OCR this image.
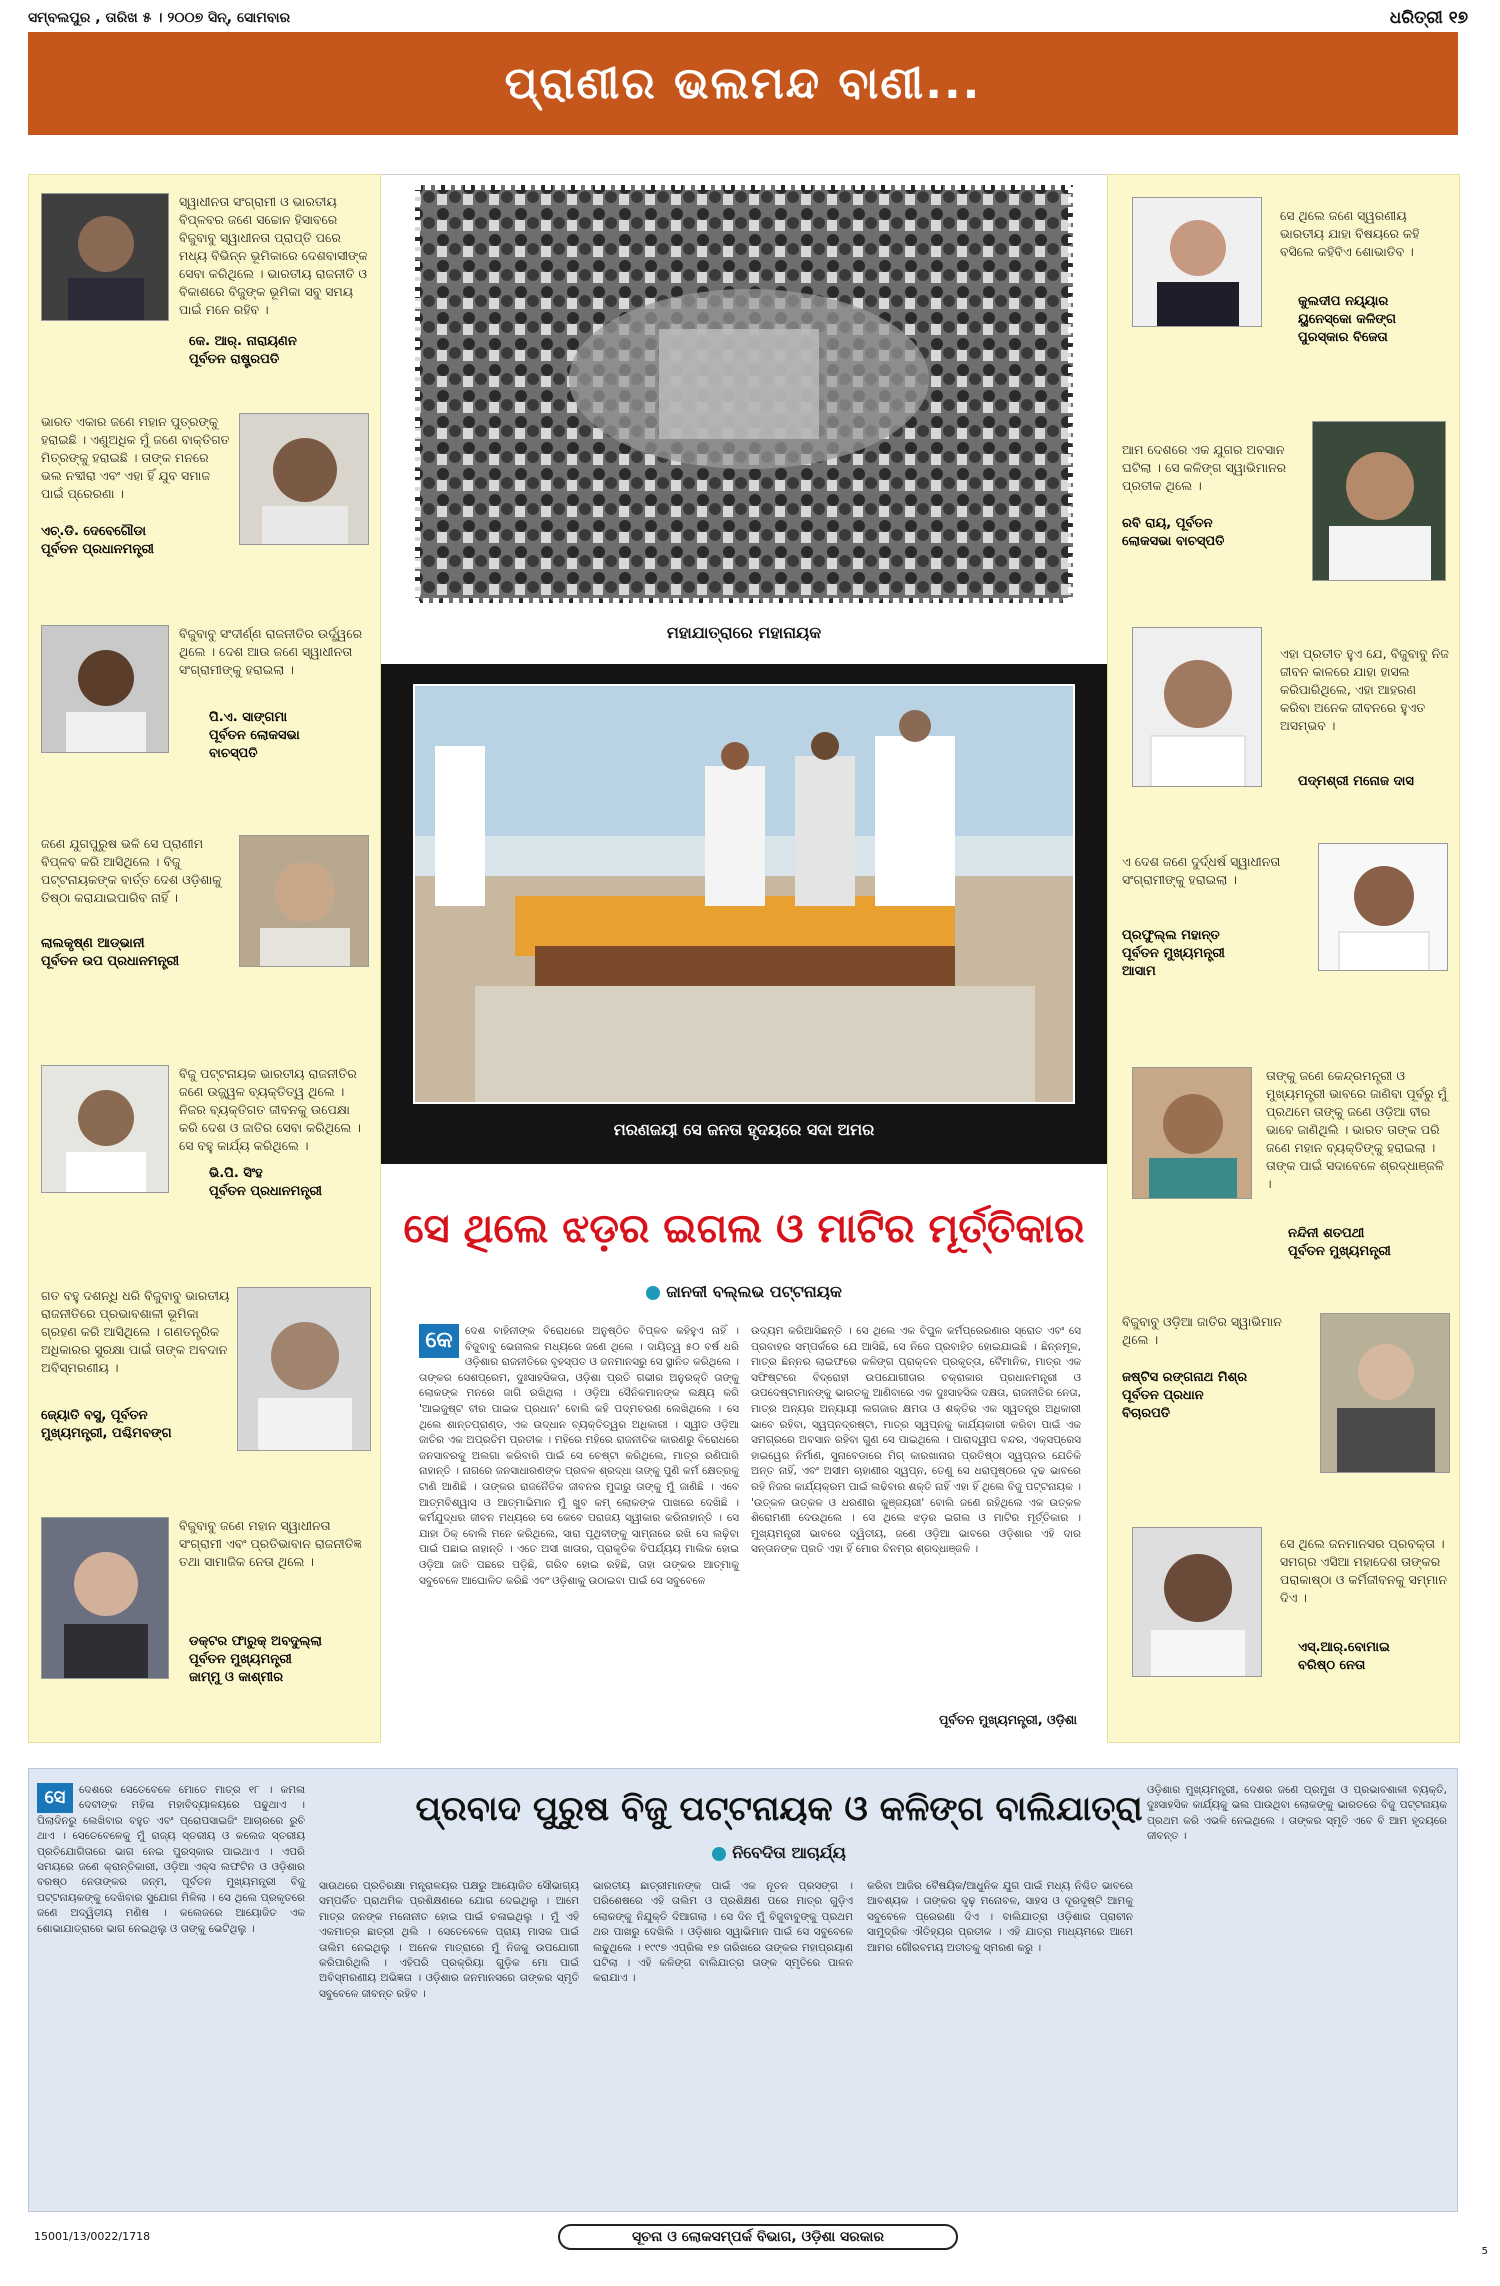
ସମ୍ବଲପୁର , ତାରିଖ ୫ । ୨୦୦୭ ସିନ୍‌, ସୋମବାର	ଧରିତ୍ରୀ ୧୭
ପ୍ରାଣୀର ଭଲମନ୍ଦ ବାଣୀ...
ସ୍ୱାଧୀନତା ସଂଗ୍ରାମୀ ଓ ଭାରତୀୟ ବିପ୍ଳବର ଜଣେ ସଚ୍ଚୋନ ହିସାବରେ ବିଜୁବାବୁ ସ୍ୱାଧୀନତା ପ୍ରାପ୍ତି ପରେ ମଧ୍ୟ ବିଭିନ୍ନ ଭୂମିକାରେ ଦେଶବାସୀଙ୍କ ସେବା କରିଥିଲେ । ଭାରତୀୟ ରାଜନୀତି ଓ ବିକାଶରେ ବିଜୁଙ୍କ ଭୂମିକା ସବୁ ସମୟ ପାଇଁ ମନେ ରହିବ ।
କେ. ଆର୍‌. ନାରାୟଣନ
ପୂର୍ବତନ ରାଷ୍ଟ୍ରପତି
ଭାରତ ଏକାର ଜଣେ ମହାନ ପୁତ୍ରଙ୍କୁ ହରାଇଛି । ଏଣୁଅଧିକ ମୁଁ ଜଣେ ବାକ୍ତିଗତ ମିତ୍ରଙ୍କୁ ହରାଇଛି । ତାଙ୍କ ମନରେ ଭଲ ନବ୍ଦୀରା ଏବଂ ଏହା ହିଁ ଯୁବ ସମାଜ ପାଇଁ ପ୍ରେରଣା ।
ଏଚ୍‌.ଡି. ଦେବେଗୌଡା
ପୂର୍ବତନ ପ୍ରଧାନମନ୍ତ୍ରୀ
ବିଜୁବାବୁ ସଂଦୀର୍ଣ୍ଣ ରାଜନୀତିର ଉର୍ଦ୍ଧ୍ୱରେ ଥିଲେ । ଦେଶ ଆଉ ଜଣେ ସ୍ୱାଧୀନତା ସଂଗ୍ରାମୀଙ୍କୁ ହରାଇଲା ।
ପି.ଏ. ସାଙ୍ଗମା
ପୂର୍ବତନ ଲୋକସଭା
ବାଚସ୍ପତି
ଜଣେ ଯୁଗପୁରୁଷ ଭଳି ସେ ପ୍ରାଣୀମ ବିପ୍ଳବ କରି ଆସିଥିଲେ । ବିଜୁ ପଟ୍ଟନାୟକଙ୍କ ବାର୍ତ୍ତ ଦେଶ ଓଡ଼ିଶାକୁ ତିଷ୍ଠା କରାଯାଇପାରିବ ନାହିଁ ।
ଲାଲକୃଷ୍ଣ ଆଡ୍‌ଭାନୀ
ପୂର୍ବତନ ଉପ ପ୍ରଧାନମନ୍ତ୍ରୀ
ବିଜୁ ପଟ୍ଟନାୟକ ଭାରତୀୟ ରାଜନୀତିର ଜଣେ ଉଜ୍ଜ୍ୱଳ ବ୍ୟକ୍ତିତ୍ୱ ଥିଲେ । ନିଜର ବ୍ୟକ୍ତିଗତ ଜୀବନକୁ ଉପେକ୍ଷା କରି ଦେଶ ଓ ଜାତିର ସେବା କରିଥିଲେ । ସେ ବହୁ କାର୍ଯ୍ୟ କରିଥିଲେ ।
ଭି.ପି. ସିଂହ
ପୂର୍ବତନ ପ୍ରଧାନମନ୍ତ୍ରୀ
ଗତ ବହୁ ଦଶନ୍ଧି ଧରି ବିଜୁବାବୁ ଭାରତୀୟ ରାଜନୀତିରେ ପ୍ରଭାବଶାଳୀ ଭୂମିକା ଗ୍ରହଣ କରି ଆସିଥିଲେ । ଗଣତନ୍ତ୍ରିକ ଅଧିକାରର ସୁରକ୍ଷା ପାଇଁ ତାଙ୍କ ଅବଦାନ ଅବିସ୍ମରଣୀୟ ।
ଜ୍ୟୋତି ବସୁ, ପୂର୍ବତନ
ମୁଖ୍ୟମନ୍ତ୍ରୀ, ପଶ୍ଚିମବଙ୍ଗ
ବିଜୁବାବୁ ଜଣେ ମହାନ ସ୍ୱାଧୀନତା ସଂଗ୍ରାମୀ ଏବଂ ପ୍ରତିଭାବାନ ରାଜନୀତିଜ୍ଞ ତଥା ସାମାଜିକ ନେତା ଥିଲେ ।
ଡକ୍ଟର ଫାରୁକ୍‌ ଅବଦୁଲ୍ଲା
ପୂର୍ବତନ ମୁଖ୍ୟମନ୍ତ୍ରୀ
ଜାମ୍ମୁ ଓ କାଶ୍ମୀର
ମହାଯାତ୍ରାରେ ମହାନାୟକ
ମରଣଜୟୀ ସେ ଜନତା ହୃଦୟରେ ସଦା ଅମର
ସେ ଥିଲେ ଝଡ଼ର ଇଗଲ ଓ ମାଟିର ମୂର୍ତ୍ତିକାର
ଜାନକୀ ବଲ୍ଲଭ ପଟ୍ଟନାୟକ
କେ	ଦେଶ ବାହିନୀଙ୍କ ବିରୋଧରେ ଅନୁଷ୍ଠିତ ବିପ୍ଳବ କହିହୁଏ ନାହିଁ । ବିଜୁବାବୁ ଭେନାଲକ ମଧ୍ୟରେ ଜଣେ ଥିଲେ । ଦାୟିତ୍ୱ ୫୦ ବର୍ଷ ଧରି ଓଡ଼ିଶାର ରାଜନୀତିରେ ବୃହସ୍ପତ ଓ ଜନମାନସରୁ ସେ ସ୍ଥାନିତ କରିଥିଲେ । ତାଙ୍କର ସେଶପ୍ରେମ, ଦୁଃସାହସିକତା, ଓଡ଼ିଶା ପ୍ରତି ଗଭୀର ଅନୁରକ୍ତି ତାଙ୍କୁ ଲୋକଙ୍କ ମନରେ ଜାଗି ରଖିଥିଲା । ଓଡ଼ିଆ ସୈନିକମାନଙ୍କ ଲକ୍ଷ୍ୟ କରି 'ଆଇଜୁଷ୍ଟ ବୀର ପାଇକ ପ୍ରଧାନ' ବୋଲି କହି ପଦ୍ମଚରଣ ଲେଖିଥିଲେ । ସେ ଥିଲେ ଶାନ୍ତପ୍ରାଣ୍ଡ, ଏକ ଉଦ୍ଧାନ ବ୍ୟକ୍ତିତ୍ୱର ଅଧିକାରୀ । ସ୍ୱୀତ ଓଡ଼ିଆ ଜାତିର ଏକ ଅପ୍ରତିମ ପ୍ରତୀକ । ମହିରେ ମହିରେ ରାଜନୀତିକ କାରଣରୁ ବିରୋଧରେ ଜନସାବରକୁ ଅଲଗା କରିବାରି ପାଇଁ ସେ ଚେଷ୍ଟା କରିଥିଲେ, ମାତ୍ର ରଣିପାରି ନାହାନ୍ତି । ନାଗରେ ଜନସାଧାରଣଙ୍କ ପ୍ରବଳ ଶ୍ରଦ୍ଧା ତାଙ୍କୁ ପୁଣି କର୍ମ କ୍ଷେତ୍ରକୁ ଟାଣି ଆଣିଛି । ତାଙ୍କର ରାଜନୈତିକ ଜୀବନର ମୁଦ୍ଦାରୁ ତାଙ୍କୁ ମୁଁ ଜାଣିଛି । ଏବେ ଆତ୍ମବିଶ୍ୱାସ ଓ ଆତ୍ମାଭିମାନ ମୁଁ ଖୁବ କମ୍ ଲୋକଙ୍କ ପାଖରେ ଦେଖିଛି । କର୍ମଯୁଦ୍ଧର ଜୀବନ ମଧ୍ୟରେ ସେ କେବେ ପରାଜୟ ସ୍ୱୀକାର କରିନାହାନ୍ତି । ସେ ଯାହା ଠିକ୍ ବୋଲି ମନେ କରିଥିଲେ, ସାରା ପୃଥିବୀଙ୍କୁ ସାମ୍ନାରେ ରଖି ସେ ଲଢ଼ିବା ପାଇଁ ପଛାଇ ନାହାନ୍ତି । ଏତେ ଅସୀ ଖାତାର, ପ୍ରାକୃତିକ ବିପର୍ଯ୍ୟୟ ମାଲିକ ହୋଇ ଓଡ଼ିଆ ଜାତି ପଛରେ ପଡ଼ିଛି, ଗରିବ ହୋଇ ରହିଛି, ତାହା ତାଙ୍କର ଆତ୍ମାକୁ ସବୁବେଳେ ଆଘୋଳିତ କରିଛି ଏବଂ ଓଡ଼ିଶାକୁ ଉଠାଇବା ପାଇଁ ସେ ସବୁବେଳେ
ଉଦ୍ୟମ କରିଆସିଛନ୍ତି । ସେ ଥିଲେ ଏକ ବିପୁଳ କର୍ମପ୍ରେରଣାର ସ୍ରୋତ ଏବଂ ସେ ପ୍ରବାହର ସମ୍ପର୍କରେ ଯେ ଆସିଛି, ସେ ନିଜେ ପ୍ରବାହିତ ହୋଇଯାଇଛି । ଛିନ୍ନମୂଳ, ମାତ୍ର ଛିନ୍ନର ଲାଇଫରେ କଳିଙ୍ଗ ପ୍ରାକ୍ତନ ପ୍ରକୃତ୍ତା, ବୈମାନିକ, ମାତ୍ର ଏକ ସଫିଷ୍ଟରେ ବିଦ୍ରୋହୀ ଉପଯୋଗୀତାର ଚକ୍ରାକାର ପ୍ରଧାନମନ୍ତ୍ରୀ ଓ ଉପଦେଷ୍ଟାମାନଙ୍କୁ ଭାରତକୁ ଆଣିବାରେ ଏକ ଦୁଃସାହସିକ ଦକ୍ଷତା, ରାଜନୀତିର ନେତା, ମାତ୍ର ଅନ୍ୟର ଅନ୍ୟାୟୀ ଲଗଜାର କ୍ଷମତା ଓ ଶକ୍ତିର ଏକ ସ୍ୱତନ୍ତ୍ର ଅଧିକାରୀ ଭାବେ ରହିବା, ସ୍ୱପ୍ନଦ୍ରଷ୍ଟା, ମାତ୍ର ସ୍ୱପ୍ନକୁ କାର୍ଯ୍ୟକାରୀ କରିବା ପାଇଁ ଏକ ସମଗ୍ରରେ ଅବସାନ ରହିବା ଗୁଣ ସେ ପାଇଥିଲେ । ପାରାଦ୍ୱୀପ ବନ୍ଦର, ଏକ୍ସପ୍ରେସ ହାଇୱେର ନିର୍ମାଣ, ସୁନାବେଡାରେ ମିଗ୍ କାରଖାନାର ପ୍ରତିଷ୍ଠା ସ୍ୱପ୍ନର ଯେତିକି ଅନ୍ତ ନାହିଁ, ଏବଂ ଅସୀମ ଚାହାଣୀର ସ୍ୱପ୍ନ, ତେଣୁ ସେ ଧରାପୃଷ୍ଠରେ ଦୃଢ ଭାବରେ ରହି ନିଜର କାର୍ଯ୍ୟକ୍ରମ ପାଇଁ ଲଢିବାର ଶକ୍ତି ନାହିଁ ଏହା ହିଁ ଥିଲେ ବିଜୁ ପଟ୍ଟନାୟକ । 'ଉତ୍କଳ ଉତ୍କଳ ଓ ଧରଣୀର କୁଞ୍ଜୟରୀ' ବୋଲି ଜଣେ ରହିଥିଲେ ଏକ ଉତ୍କଳ ଶିରୋମଣୀ ଦେଉଥିଲେ । ସେ ଥିଲେ ଝଡ଼ର ଇଗଲ ଓ ମାଟିର ମୂର୍ତ୍ତିକାର । ମୁଖ୍ୟମନ୍ତ୍ରୀ ଭାବରେ ଦ୍ୱିତୀୟ, ଜଣେ ଓଡ଼ିଆ ଭାବରେ ଓଡ଼ିଶାର ଏହି ଦାର ସନ୍ତାନଙ୍କ ପ୍ରତି ଏହା ହିଁ ମୋର ବିନମ୍ର ଶ୍ରଦ୍ଧାଞ୍ଜଳି ।
ପୂର୍ବତନ ମୁଖ୍ୟମନ୍ତ୍ରୀ, ଓଡ଼ିଶା
ସେ ଥିଲେ ଜଣେ ସ୍ୱରଣୀୟ ଭାରତୀୟ ଯାହା ବିଷୟରେ କହି ବସିଲେ କହିବିଏ ଶୋଭାତିବ ।
କୁଲଦୀପ ନୟ୍ୟାର
ୟୁନେସ୍କୋ କଳିଙ୍ଗ
ପୁରସ୍କାର ବିଜେତା
ଆମ ଦେଶରେ ଏକ ଯୁଗର ଅବସାନ ଘଟିଲା । ସେ କଳିଙ୍ଗ ସ୍ୱାଭିମାନର ପ୍ରତୀକ ଥିଲେ ।
ରବି ରାୟ, ପୂର୍ବତନ
ଲୋକସଭା ବାଚସ୍ପତି
ଏହା ପ୍ରତୀତ ହୁଏ ଯେ, ବିଜୁବାବୁ ନିଜ ଜୀବନ କାଳରେ ଯାହା ହାସଲ କରିପାରିଥିଲେ, ଏହା ଆହରଣ କରିବା ଅନେକ ଜୀବନରେ ହୁଏତ ଅସମ୍ଭବ ।
ପଦ୍ମଶ୍ରୀ ମନୋଜ ଦାସ
ଏ ଦେଶ ଜଣେ ଦୁର୍ଦ୍ଧର୍ଷ ସ୍ୱାଧୀନତା ସଂଗ୍ରାମୀଙ୍କୁ ହରାଇଲା ।
ପ୍ରଫୁଲ୍ଲ ମହାନ୍ତ
ପୂର୍ବତନ ମୁଖ୍ୟମନ୍ତ୍ରୀ
ଆସାମ
ତାଙ୍କୁ ଜଣେ କେନ୍ଦ୍ରମନ୍ତ୍ରୀ ଓ ମୁଖ୍ୟମନ୍ତ୍ରୀ ଭାବରେ ଜାଣିବା ପୂର୍ବରୁ ମୁଁ ପ୍ରଥମେ ତାଙ୍କୁ ଜଣେ ଓଡ଼ିଆ ବୀର ଭାବେ ଜାଣିଥିଲି । ଭାରତ ତାଙ୍କ ପରି ଜଣେ ମହାନ ବ୍ୟକ୍ତିଙ୍କୁ ହରାଇଲା । ତାଙ୍କ ପାଇଁ ସଦାବେଳେ ଶ୍ରଦ୍ଧାଞ୍ଜଳି ।
ନନ୍ଦିନୀ ଶତପଥୀ
ପୂର୍ବତନ ମୁଖ୍ୟମନ୍ତ୍ରୀ
ବିଜୁବାବୁ ଓଡ଼ିଆ ଜାତିର ସ୍ୱାଭିମାନ ଥିଲେ ।
ଜଷ୍ଟିସ ରଙ୍ଗନାଥ ମିଶ୍ର
ପୂର୍ବତନ ପ୍ରଧାନ
ବିଚାରପତି
ସେ ଥିଲେ ଜନମାନସର ପ୍ରବକ୍ତା । ସମଗ୍ର ଏସିଆ ମହାଦେଶ ତାଙ୍କର ପରାକାଷ୍ଠା ଓ କର୍ମିଜୀବନକୁ ସମ୍ମାନ ଦିଏ ।
ଏସ୍‌.ଆର୍‌.ବୋମାଇ
ବରିଷ୍ଠ ନେତା
ପ୍ରବାଦ ପୁରୁଷ ବିଜୁ ପଟ୍ଟନାୟକ ଓ କଳିଙ୍ଗ ବାଲିଯାତ୍ରା
ନିବେଦିତା ଆଚାର୍ଯ୍ୟ
ସେ	ଦେଶରେ ସେତେବେଳେ ମୋତେ ମାତ୍ର ୧୮ । କମଳା ଦେବୀଙ୍କ ମହିଳା ମହାବିଦ୍ୟାଳୟରେ ପଢୁଥାଏ । ପିଲାଦିନରୁ ଲେଖିବାର ବହୁତ ଏବଂ ପ୍ରୋପସାଇଜିଂ ଆଚାରରେ ରୁଚି ଥାଏ । ସେତେବେଳେକୁ ମୁଁ ରାଜ୍ୟ ସ୍ତରୀୟ ଓ କଲେଜ ସ୍ତରୀୟ ପ୍ରତିଯୋଗିତାରେ ଭାଗ ନେଇ ପୁରସ୍କାର ପାଇଥାଏ । ଏପରି ସମୟରେ ଜଣେ କ୍ରାନ୍ତିକାରୀ, ଓଡ଼ିଆ ଏକ୍ସ ଲଫଟିନ ଓ ଓଡ଼ିଶାର ବରଷ୍ଠ ନେତାଙ୍କର ଜନ୍ମ, ପୂର୍ବତନ ମୁଖ୍ୟମନ୍ତ୍ରୀ ବିଜୁ ପଟ୍ଟନାୟକଙ୍କୁ ଦେଖିବାର ସୁଯୋଗ ମିଳିଲା । ସେ ଥିଲେ ପ୍ରକୃତରେ ଜଣେ ଅଦ୍ୱିତୀୟ ମଣିଷ । କଲେଜରେ ଆୟୋଜିତ ଏକ ଶୋଭାଯାତ୍ରାରେ ଭାଗ ନେଇଥିଲୁ ଓ ତାଙ୍କୁ ଭେଟିଥିଲୁ ।
ସାଉଥରେ ପ୍ରତିରକ୍ଷା ମନ୍ତ୍ରାଳୟର ପକ୍ଷରୁ ଆୟୋଜିତ ସୌଭାଗ୍ୟ ସମ୍ପର୍କିତ ପ୍ରାଥମିକ ପ୍ରଶିକ୍ଷଣରେ ଯୋଗ ଦେଇଥିଲୁ । ଆମେ ମାତ୍ର ଜନଙ୍କ ମନୋନୀତ ହୋଇ ପାଇଁ ଚଳାଇଥିଲୁ । ମୁଁ ଏହି ଏକମାତ୍ର ଛାତ୍ରୀ ଥିଲି । ସେତେବେଳେ ପ୍ରାୟ ମାସକ ପାଇଁ ତାଲିମ ନେଇଥିଲୁ । ଅନେକ ମାତ୍ରାରେ ମୁଁ ନିଜକୁ ଉପଯୋଗୀ କରିପାରିଥିଲି । ଏହିପରି ପ୍ରକ୍ରିୟା ଗୁଡ଼ିକ ମୋ ପାଇଁ ଅବିସ୍ମରଣୀୟ ଅଭିଜ୍ଞତା । ଓଡ଼ିଶାର ଜନମାନସରେ ତାଙ୍କର ସ୍ମୃତି ସବୁବେଳେ ଜୀବନ୍ତ ରହିବ ।
ଭାରତୀୟ ଛାତ୍ରୀମାନଙ୍କ ପାଇଁ ଏକ ନୂତନ ପ୍ରସଙ୍ଗ । ପରିଶେଷରେ ଏହି ତାଲିମ ଓ ପ୍ରଶିକ୍ଷଣ ପରେ ମାତ୍ର ଗୁଡ଼ିଏ ଲୋକଙ୍କୁ ନିଯୁକ୍ତି ଦିଆଗଲା । ସେ ଦିନ ମୁଁ ବିଜୁବାବୁଙ୍କୁ ପ୍ରଥମ ଥର ପାଖରୁ ଦେଖିଲି । ଓଡ଼ିଶାର ସ୍ୱାଭିମାନ ପାଇଁ ସେ ସବୁବେଳେ ଲଢୁଥିଲେ । ୧୯୯୭ ଏପ୍ରିଲ ୧୭ ତାରିଖରେ ତାଙ୍କର ମହାପ୍ରୟାଣ ଘଟିଲା । ଏହି କଳିଙ୍ଗ ବାଲିଯାତ୍ରା ତାଙ୍କ ସ୍ମୃତିରେ ପାଳନ କରାଯାଏ ।
କରିବା ଆଜିର ବୈଷୟିକ/ଆଧୁନିକ ଯୁଗ ପାଇଁ ମଧ୍ୟ ନିଶ୍ଚିତ ଭାବରେ ଆବଶ୍ୟକ । ତାଙ୍କର ଦୃଢ଼ ମନୋବଳ, ସାହସ ଓ ଦୂରଦୃଷ୍ଟି ଆମକୁ ସବୁବେଳେ ପ୍ରେରଣା ଦିଏ । ବାଲିଯାତ୍ରା ଓଡ଼ିଶାର ପ୍ରାଚୀନ ସାମୁଦ୍ରିକ ଐତିହ୍ୟର ପ୍ରତୀକ । ଏହି ଯାତ୍ରା ମାଧ୍ୟମରେ ଆମେ ଆମର ଗୌରବମୟ ଅତୀତକୁ ସ୍ମରଣ କରୁ ।
ଓଡ଼ିଶାର ମୁଖ୍ୟମନ୍ତ୍ରୀ, ଦେଶର ଜଣେ ପ୍ରମୁଖ ଓ ପ୍ରଭାବଶାଳୀ ବ୍ୟକ୍ତି, ଦୁଃସାହସିକ କାର୍ଯ୍ୟକୁ ଭଲ ପାଉଥିବା ଲୋକଙ୍କୁ ଭାରତରେ ବିଜୁ ପଟ୍ଟନାୟକ ପ୍ରଥମ କରି ଏଭଳି ନେଇଥିଲେ । ତାଙ୍କର ସ୍ମୃତି ଏବେ ବି ଆମ ହୃଦୟରେ ଜୀବନ୍ତ ।
15001/13/0022/1718	ସୂଚନା ଓ ଲୋକସମ୍ପର୍କ ବିଭାଗ, ଓଡ଼ିଶା ସରକାର
5
